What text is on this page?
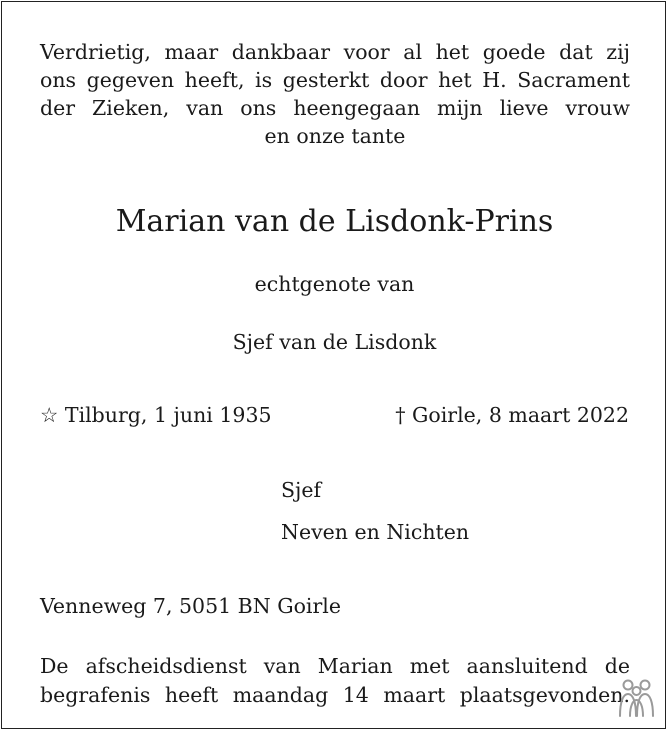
Verdrietig, maar dankbaar voor al het goede dat zij
ons gegeven heeft, is gesterkt door het H. Sacrament
der Zieken, van ons heengegaan mijn lieve vrouw
en onze tante
Marian van de Lisdonk-Prins
echtgenote van
Sjef van de Lisdonk
☆ Tilburg, 1 juni 1935	† Goirle, 8 maart 2022
Sjef
Neven en Nichten
Venneweg 7, 5051 BN Goirle
De afscheidsdienst van Marian met aansluitend de
begrafenis heeft maandag 14 maart plaatsgevonden.
